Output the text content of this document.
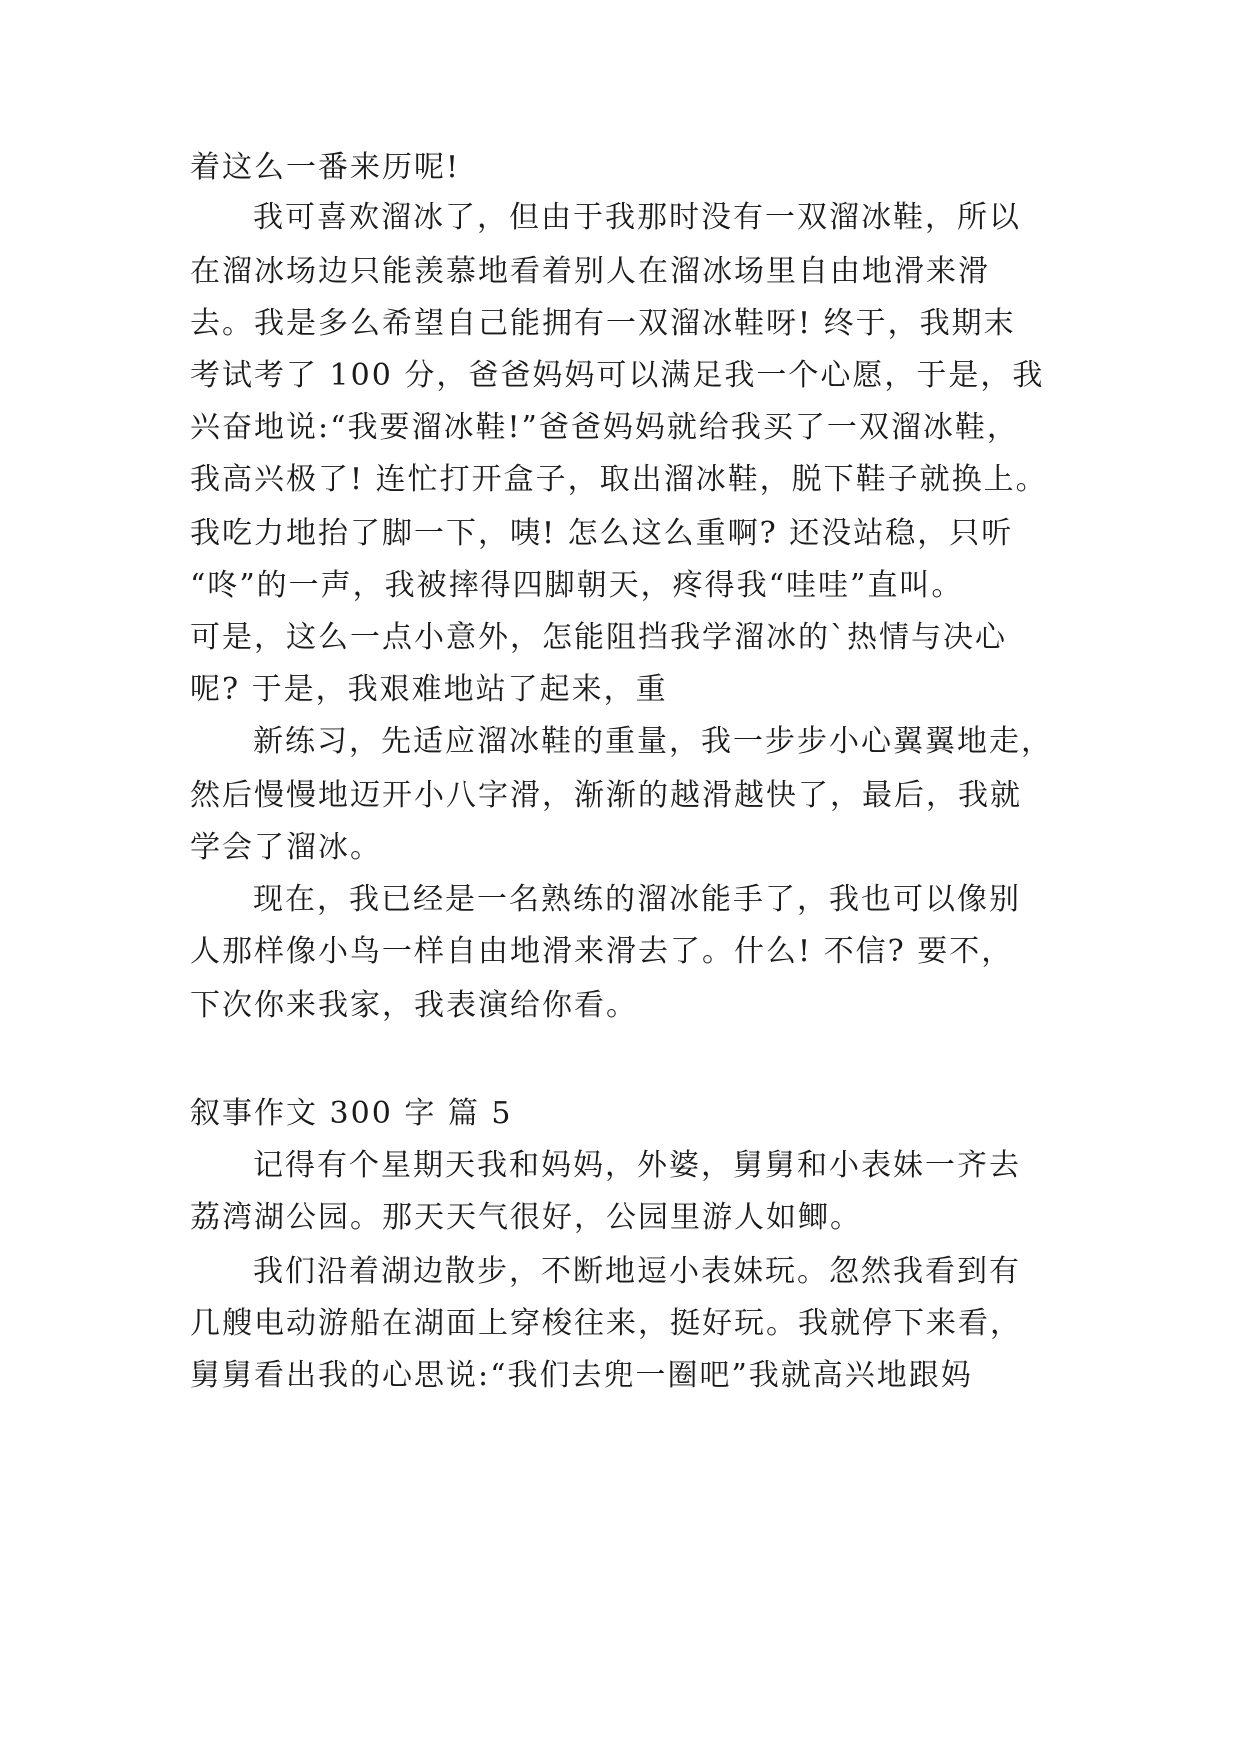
着这么一番来历呢!
我可喜欢溜冰了，但由于我那时没有一双溜冰鞋，所以
在溜冰场边只能羡慕地看着别人在溜冰场里自由地滑来滑
去。我是多么希望自己能拥有一双溜冰鞋呀! 终于，我期末
考试考了 100 分，爸爸妈妈可以满足我一个心愿，于是，我
兴奋地说:“我要溜冰鞋!”爸爸妈妈就给我买了一双溜冰鞋，
我高兴极了! 连忙打开盒子，取出溜冰鞋，脱下鞋子就换上。
我吃力地抬了脚一下，咦! 怎么这么重啊? 还没站稳，只听
“咚”的一声，我被摔得四脚朝天，疼得我“哇哇”直叫。
可是，这么一点小意外，怎能阻挡我学溜冰的`热情与决心
呢? 于是，我艰难地站了起来，重
新练习，先适应溜冰鞋的重量，我一步步小心翼翼地走，
然后慢慢地迈开小八字滑，渐渐的越滑越快了，最后，我就
学会了溜冰。
现在，我已经是一名熟练的溜冰能手了，我也可以像别
人那样像小鸟一样自由地滑来滑去了。什么! 不信? 要不，
下次你来我家，我表演给你看。
叙事作文 300 字 篇 5
记得有个星期天我和妈妈，外婆，舅舅和小表妹一齐去
荔湾湖公园。那天天气很好，公园里游人如鲫。
我们沿着湖边散步，不断地逗小表妹玩。忽然我看到有
几艘电动游船在湖面上穿梭往来，挺好玩。我就停下来看，
舅舅看出我的心思说:“我们去兜一圈吧”我就高兴地跟妈
